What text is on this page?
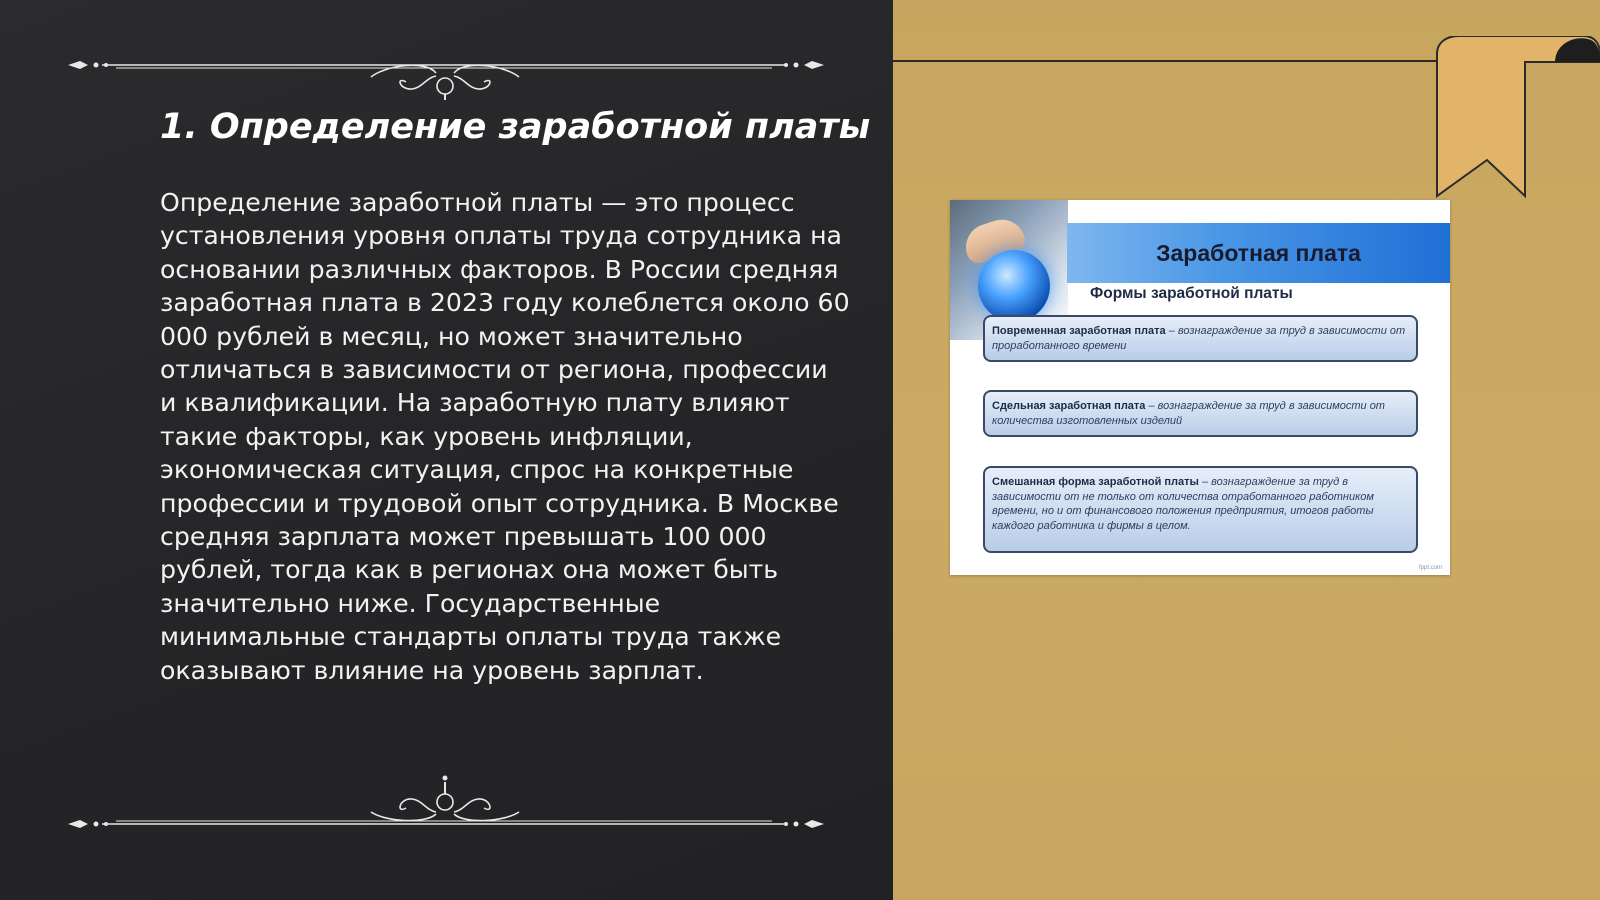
1. Определение заработной платы

Определение заработной платы — это процесс установления уровня оплаты труда сотрудника на основании различных факторов. В России средняя заработная плата в 2023 году колеблется около 60 000 рублей в месяц, но может значительно отличаться в зависимости от региона, профессии и квалификации. На заработную плату влияют такие факторы, как уровень инфляции, экономическая ситуация, спрос на конкретные профессии и трудовой опыт сотрудника. В Москве средняя зарплата может превышать 100 000 рублей, тогда как в регионах она может быть значительно ниже. Государственные минимальные стандарты оплаты труда также оказывают влияние на уровень зарплат.

Заработная плата
Формы заработной платы
Повременная заработная плата – вознаграждение за труд в зависимости от проработанного времени
Сдельная заработная плата – вознаграждение за труд в зависимости от количества изготовленных изделий
Смешанная форма заработной платы – вознаграждение за труд в зависимости от не только от количества отработанного работником времени, но и от финансового положения предприятия, итогов работы каждого работника и фирмы в целом.
fppt.com
